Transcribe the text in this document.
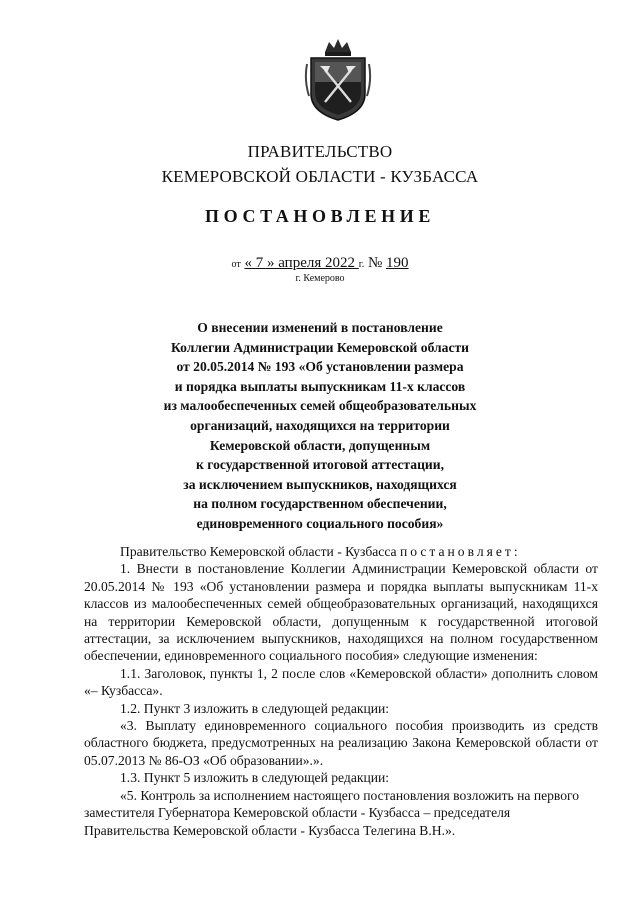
ПРАВИТЕЛЬСТВО
КЕМЕРОВСКОЙ ОБЛАСТИ - КУЗБАССА
ПОСТАНОВЛЕНИЕ
от « 7 » апреля 2022 г. № 190
г. Кемерово
О внесении изменений в постановление
Коллегии Администрации Кемеровской области
от 20.05.2014 № 193 «Об установлении размера
и порядка выплаты выпускникам 11-х классов
из малообеспеченных семей общеобразовательных
организаций, находящихся на территории
Кемеровской области, допущенным
к государственной итоговой аттестации,
за исключением выпускников, находящихся
на полном государственном обеспечении,
единовременного социального пособия»

Правительство Кемеровской области - Кузбасса постановляет:

1. Внести в постановление Коллегии Администрации Кемеровской области от 20.05.2014 № 193 «Об установлении размера и порядка выплаты выпускникам 11-х классов из малообеспеченных семей общеобразовательных организаций, находящихся на территории Кемеровской области, допущенным к государственной итоговой аттестации, за исключением выпускников, находящихся на полном государственном обеспечении, единовременного социального пособия» следующие изменения:

1.1. Заголовок, пункты 1, 2 после слов «Кемеровской области» дополнить словом «– Кузбасса».

1.2. Пункт 3 изложить в следующей редакции:

«3. Выплату единовременного социального пособия производить из средств областного бюджета, предусмотренных на реализацию Закона Кемеровской области от 05.07.2013 № 86-ОЗ «Об образовании».».

1.3. Пункт 5 изложить в следующей редакции:

«5. Контроль за исполнением настоящего постановления возложить на первого заместителя Губернатора Кемеровской области - Кузбасса – председателя Правительства Кемеровской области - Кузбасса Телегина В.Н.».
